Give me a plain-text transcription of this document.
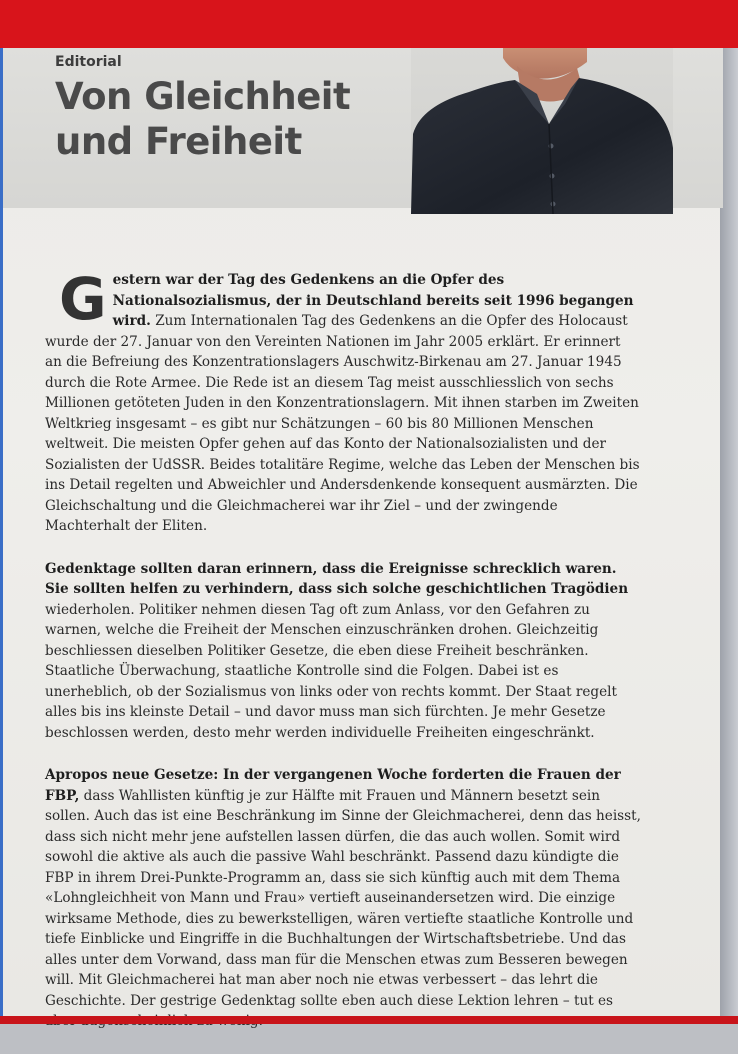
Editorial
Von Gleichheit und Freiheit

Gestern war der Tag des Gedenkens an die Opfer des Nationalsozialismus, der in Deutschland bereits seit 1996 begangen wird. Zum Internationalen Tag des Gedenkens an die Opfer des Holocaust wurde der 27. Januar von den Vereinten Nationen im Jahr 2005 erklärt. Er erinnert an die Befreiung des Konzentrationslagers Auschwitz-Birkenau am 27. Januar 1945 durch die Rote Armee. Die Rede ist an diesem Tag meist ausschliesslich von sechs Millionen getöteten Juden in den Konzentrationslagern. Mit ihnen starben im Zweiten Weltkrieg insgesamt – es gibt nur Schätzungen – 60 bis 80 Millionen Menschen weltweit. Die meisten Opfer gehen auf das Konto der Nationalsozialisten und der Sozialisten der UdSSR. Beides totalitäre Regime, welche das Leben der Menschen bis ins Detail regelten und Abweichler und Andersdenkende konsequent ausmärzten. Die Gleichschaltung und die Gleichmacherei war ihr Ziel – und der zwingende Machterhalt der Eliten.

Gedenktage sollten daran erinnern, dass die Ereignisse schrecklich waren. Sie sollten helfen zu verhindern, dass sich solche geschichtlichen Tragödien wiederholen. Politiker nehmen diesen Tag oft zum Anlass, vor den Gefahren zu warnen, welche die Freiheit der Menschen einzuschränken drohen. Gleichzeitig beschliessen dieselben Politiker Gesetze, die eben diese Freiheit beschränken. Staatliche Überwachung, staatliche Kontrolle sind die Folgen. Dabei ist es unerheblich, ob der Sozialismus von links oder von rechts kommt. Der Staat regelt alles bis ins kleinste Detail – und davor muss man sich fürchten. Je mehr Gesetze beschlossen werden, desto mehr werden individuelle Freiheiten eingeschränkt.

Apropos neue Gesetze: In der vergangenen Woche forderten die Frauen der FBP, dass Wahllisten künftig je zur Hälfte mit Frauen und Männern besetzt sein sollen. Auch das ist eine Beschränkung im Sinne der Gleichmacherei, denn das heisst, dass sich nicht mehr jene aufstellen lassen dürfen, die das auch wollen. Somit wird sowohl die aktive als auch die passive Wahl beschränkt. Passend dazu kündigte die FBP in ihrem Drei-Punkte-Programm an, dass sie sich künftig auch mit dem Thema «Lohngleichheit von Mann und Frau» vertieft auseinandersetzen wird. Die einzige wirksame Methode, dies zu bewerkstelligen, wären vertiefte staatliche Kontrolle und tiefe Einblicke und Eingriffe in die Buchhaltungen der Wirtschaftsbetriebe. Und das alles unter dem Vorwand, dass man für die Menschen etwas zum Besseren bewegen will. Mit Gleichmacherei hat man aber noch nie etwas verbessert – das lehrt die Geschichte. Der gestrige Gedenktag sollte eben auch diese Lektion lehren – tut es
